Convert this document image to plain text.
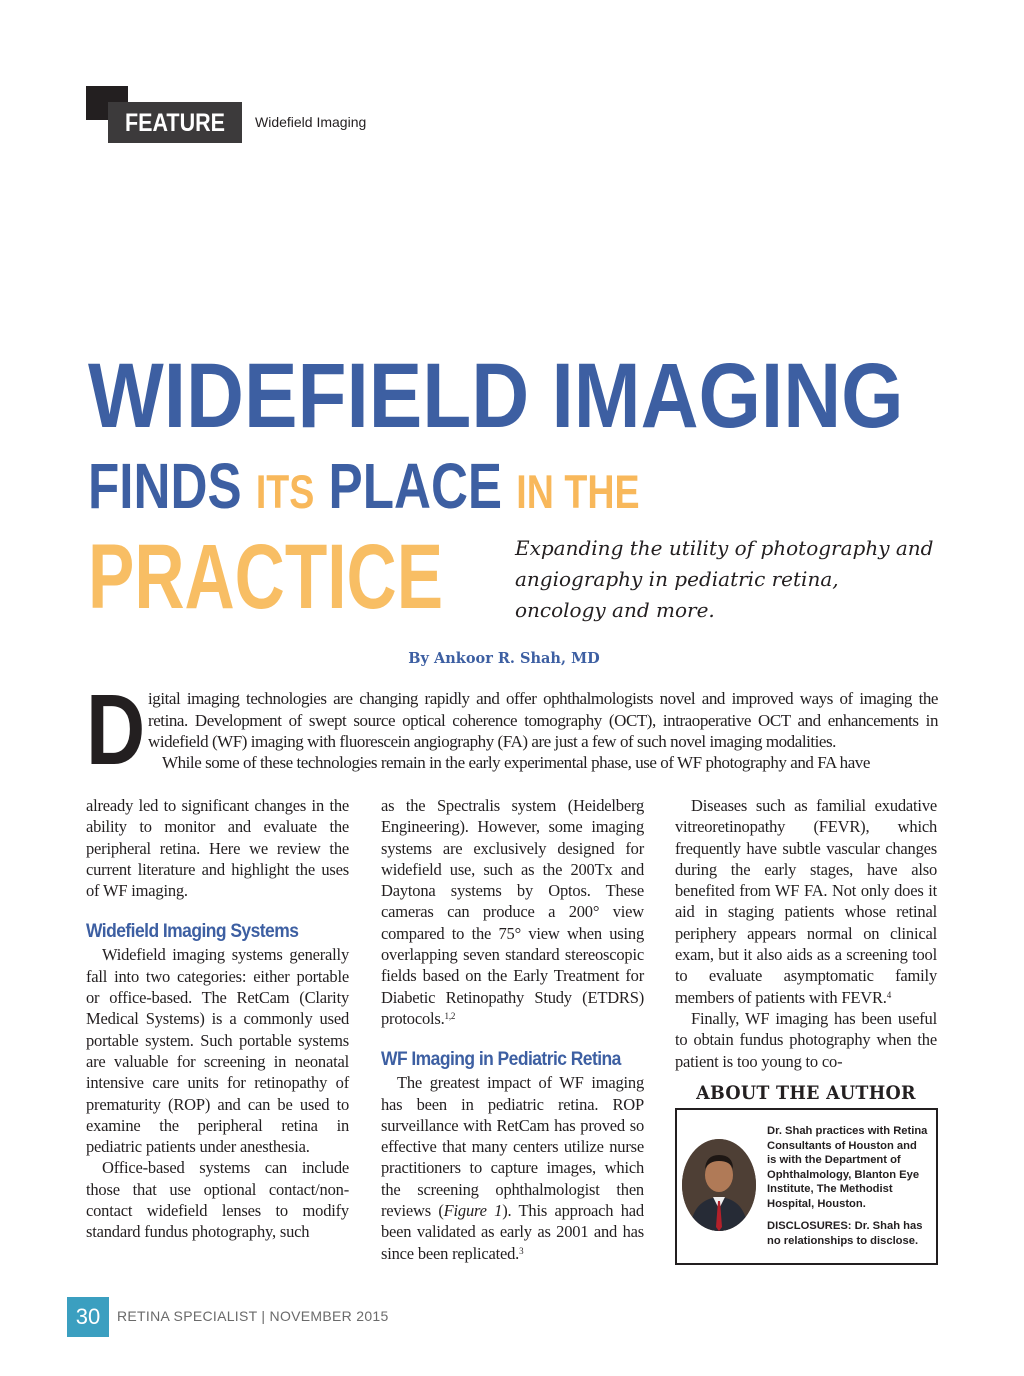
FEATURE	Widefield Imaging
WIDEFIELD IMAGING
FINDS ITS PLACE IN THE
PRACTICE	Expanding the utility of photography and angiography in pediatric retina, oncology and more.
By Ankoor R. Shah, MD
D igital imaging technologies are changing rapidly and offer ophthalmologists novel and improved ways of imaging the retina. Development of swept source optical coherence tomography (OCT), intraoperative OCT and enhancements in widefield (WF) imaging with fluorescein angiography (FA) are just a few of such novel imaging modalities.
While some of these technologies remain in the early experimental phase, use of WF photography and FA have

already led to significant changes in the ability to monitor and evaluate the peripheral retina. Here we review the current literature and highlight the uses of WF imaging.

Widefield Imaging Systems

Widefield imaging systems generally fall into two categories: either portable or office-based. The RetCam (Clarity Medical Systems) is a commonly used portable system. Such portable systems are valuable for screening in neonatal intensive care units for retinopathy of prematurity (ROP) and can be used to examine the peripheral retina in pediatric patients under anesthesia.

Office-based systems can include those that use optional contact/non-contact widefield lenses to modify standard fundus photography, such

as the Spectralis system (Heidelberg Engineering). However, some imaging systems are exclusively designed for widefield use, such as the 200Tx and Daytona systems by Optos. These cameras can produce a 200° view compared to the 75° view when using overlapping seven standard stereoscopic fields based on the Early Treatment for Diabetic Retinopathy Study (ETDRS) protocols.$^{1,2}$

WF Imaging in Pediatric Retina

The greatest impact of WF imaging has been in pediatric retina. ROP surveillance with RetCam has proved so effective that many centers utilize nurse practitioners to capture images, which the screening ophthalmologist then reviews (Figure 1). This approach had been validated as early as 2001 and has since been replicated.$^3$

Diseases such as familial exudative vitreoretinopathy (FEVR), which frequently have subtle vascular changes during the early stages, have also benefited from WF FA. Not only does it aid in staging patients whose retinal periphery appears normal on clinical exam, but it also aids as a screening tool to evaluate asymptomatic family members of patients with FEVR.$^4$

Finally, WF imaging has been useful to obtain fundus photography when the patient is too young to co-

ABOUT THE AUTHOR

Dr. Shah practices with Retina Consultants of Houston and is with the Department of Ophthalmology, Blanton Eye Institute, The Methodist Hospital, Houston.

DISCLOSURES: Dr. Shah has no relationships to disclose.

30	RETINA SPECIALIST | NOVEMBER 2015
